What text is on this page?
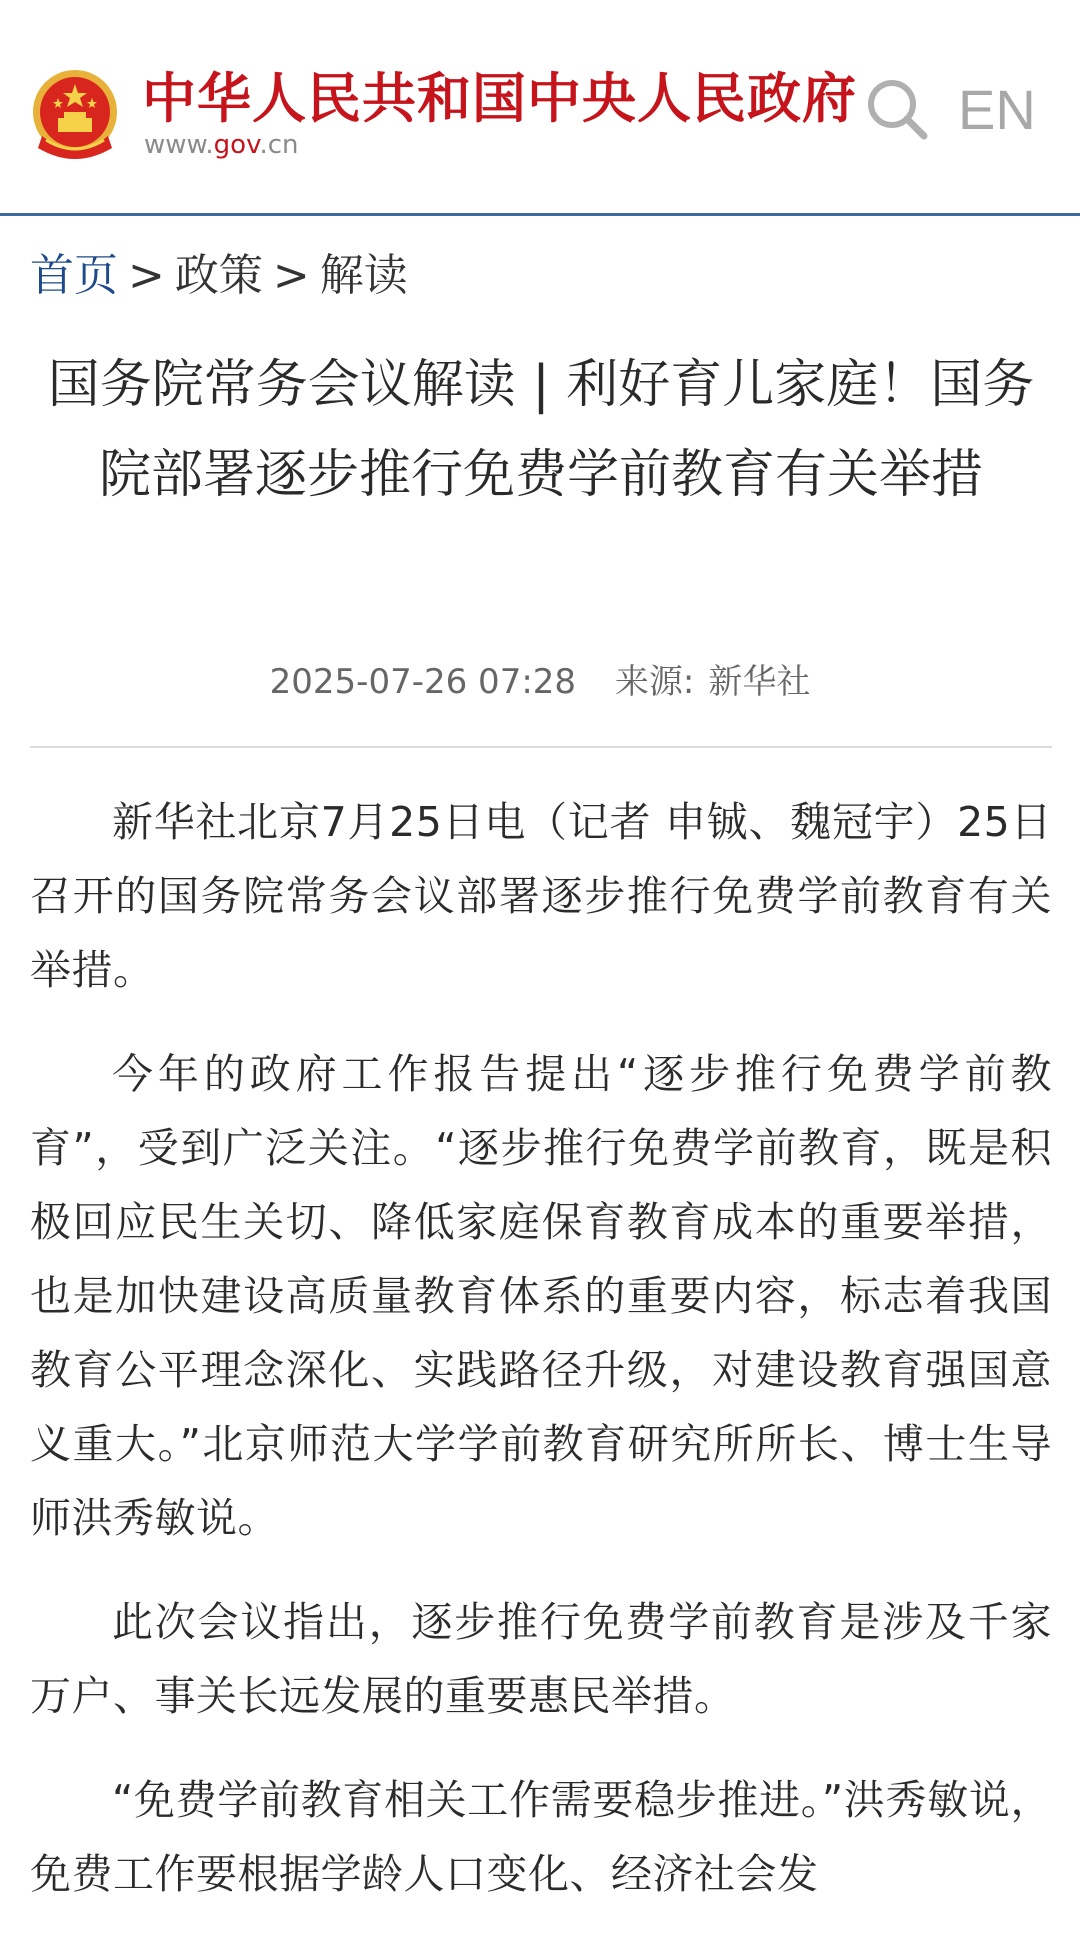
中华人民共和国中央人民政府
www.gov.cn
EN
首页 > 政策 > 解读
国务院常务会议解读 | 利好育儿家庭！国务院部署逐步推行免费学前教育有关举措
2025-07-26 07:28 来源: 新华社

新华社北京7月25日电（记者 申铖、魏冠宇）25日召开的国务院常务会议部署逐步推行免费学前教育有关举措。

今年的政府工作报告提出“逐步推行免费学前教育”，受到广泛关注。“逐步推行免费学前教育，既是积极回应民生关切、降低家庭保育教育成本的重要举措，也是加快建设高质量教育体系的重要内容，标志着我国教育公平理念深化、实践路径升级，对建设教育强国意义重大。”北京师范大学学前教育研究所所长、博士生导师洪秀敏说。

此次会议指出，逐步推行免费学前教育是涉及千家万户、事关长远发展的重要惠民举措。

“免费学前教育相关工作需要稳步推进。”洪秀敏说，免费工作要根据学龄人口变化、经济社会发
